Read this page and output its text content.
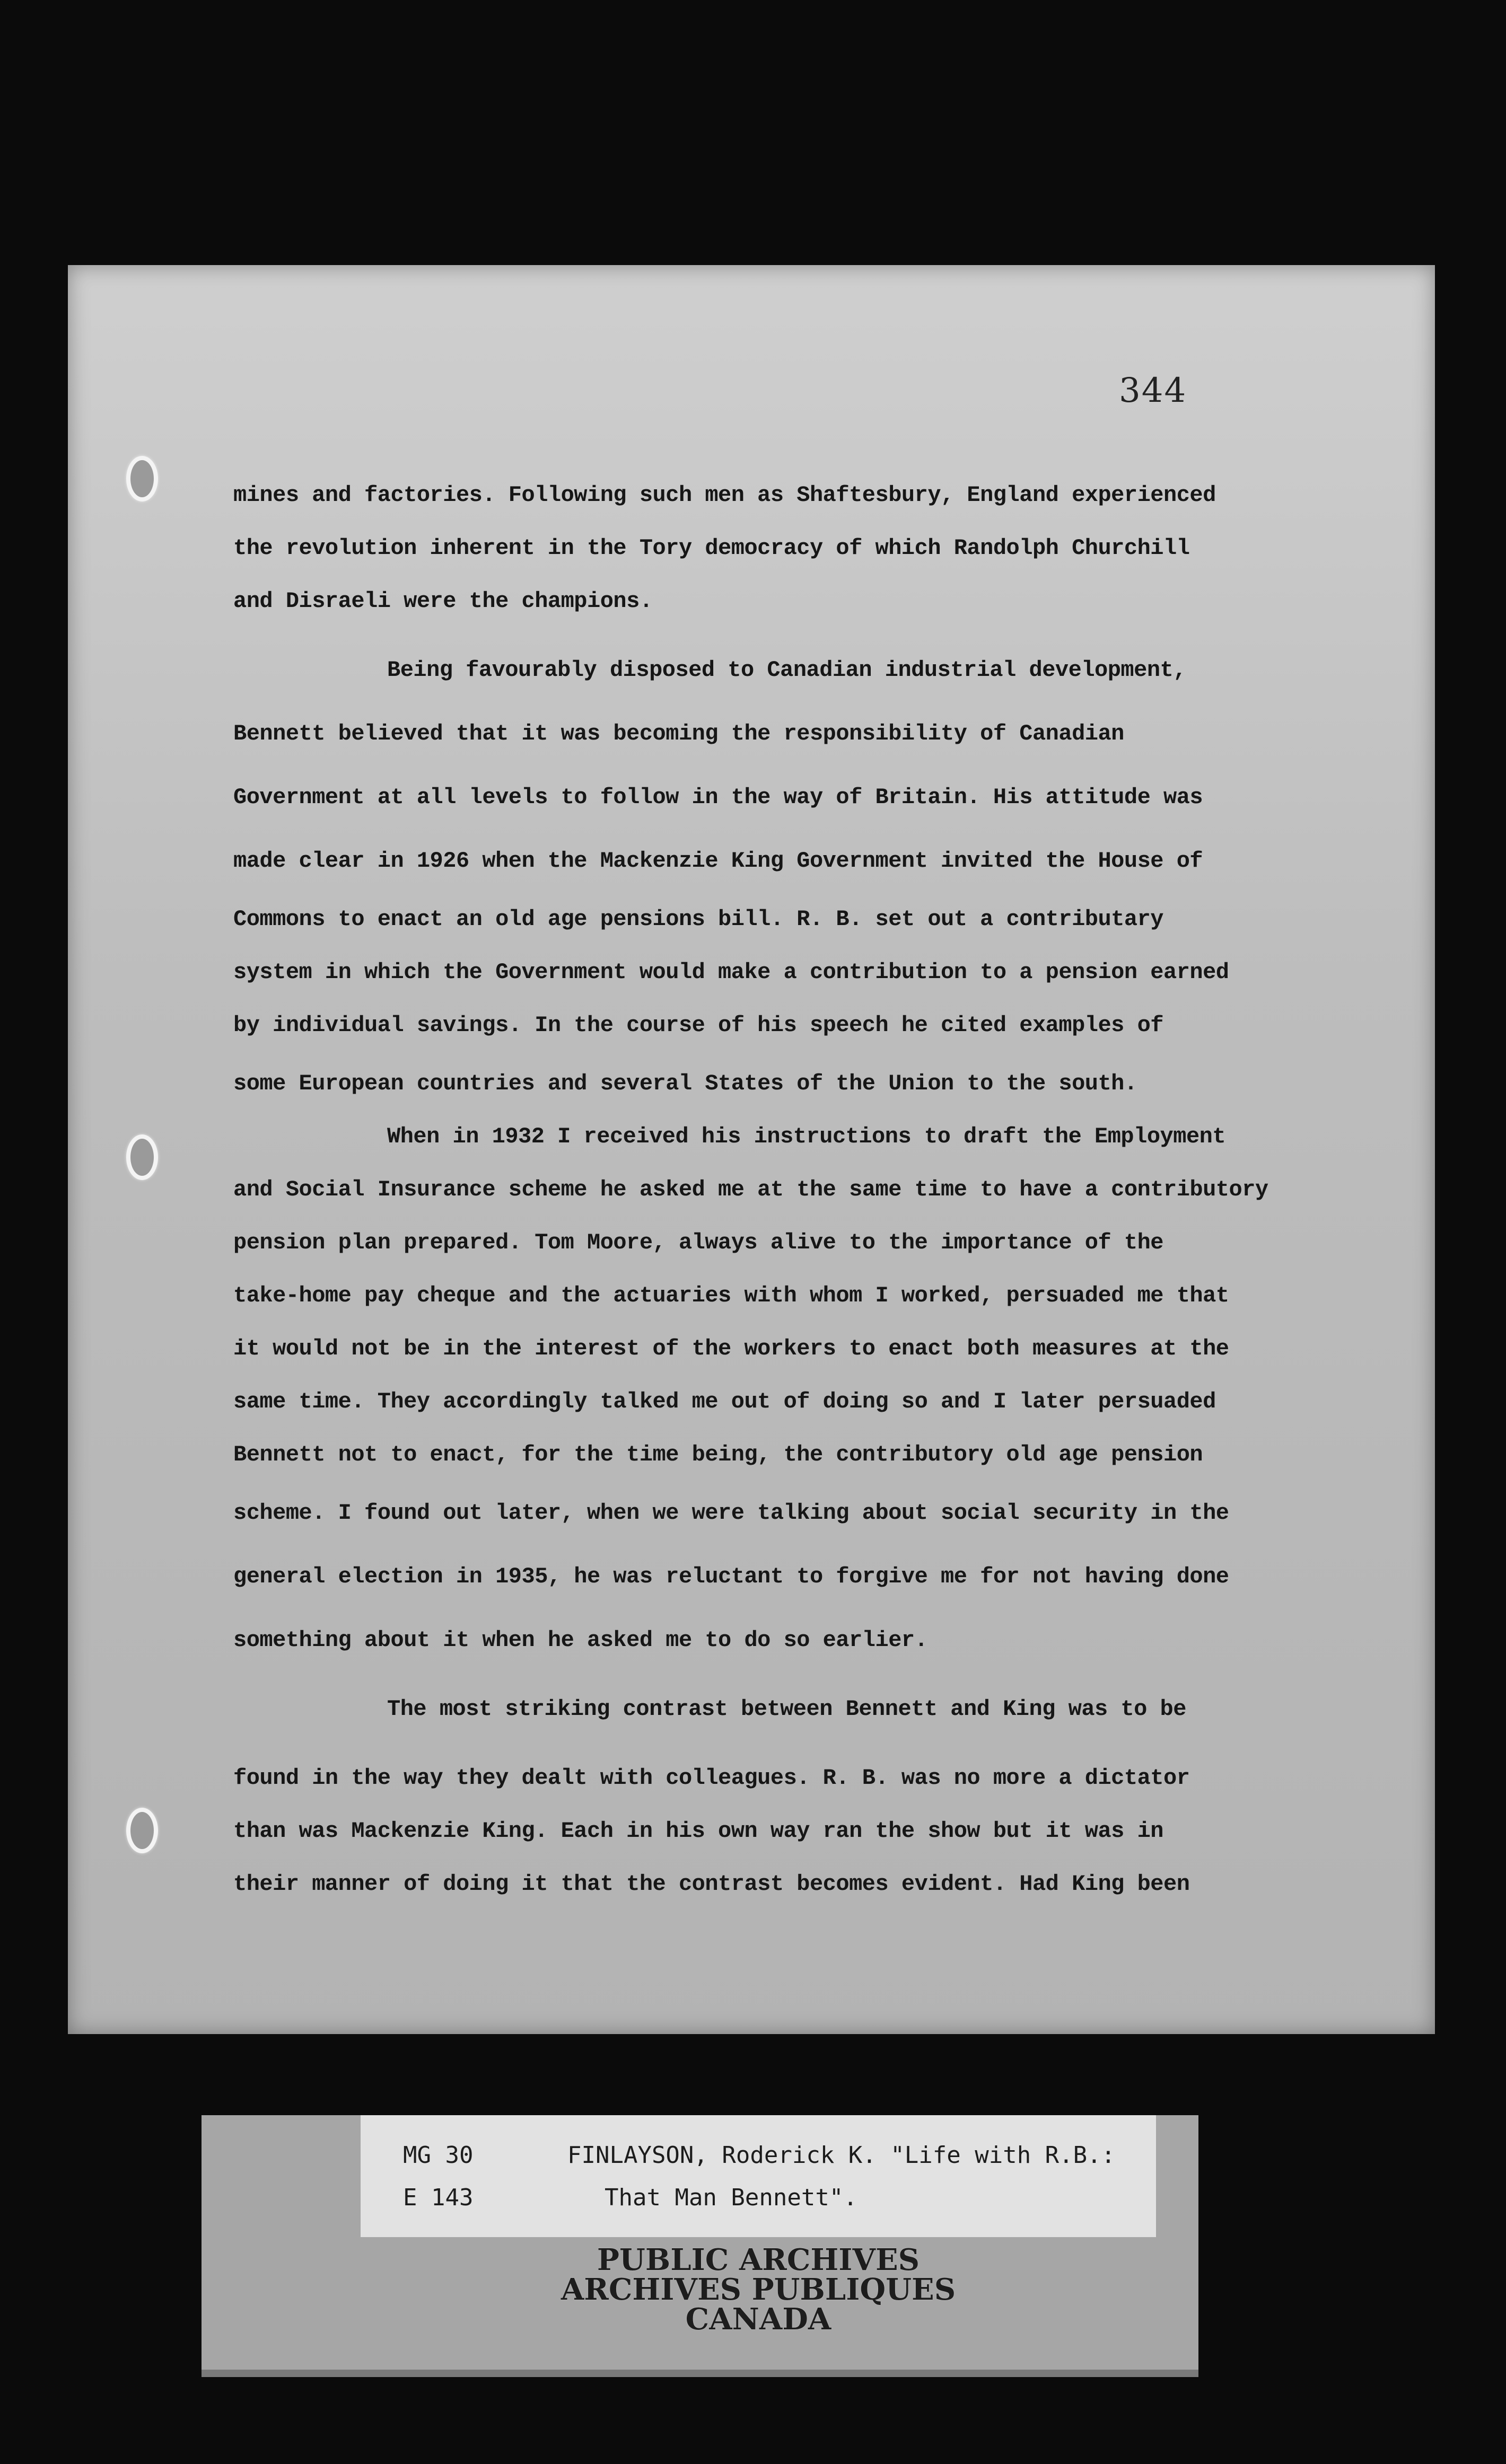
344
mines and factories. Following such men as Shaftesbury, England experienced
the revolution inherent in the Tory democracy of which Randolph Churchill
and Disraeli were the champions.
Being favourably disposed to Canadian industrial development,
Bennett believed that it was becoming the responsibility of Canadian
Government at all levels to follow in the way of Britain. His attitude was
made clear in 1926 when the Mackenzie King Government invited the House of
Commons to enact an old age pensions bill. R. B. set out a contributary
system in which the Government would make a contribution to a pension earned
by individual savings. In the course of his speech he cited examples of
some European countries and several States of the Union to the south.
When in 1932 I received his instructions to draft the Employment
and Social Insurance scheme he asked me at the same time to have a contributory
pension plan prepared. Tom Moore, always alive to the importance of the
take-home pay cheque and the actuaries with whom I worked, persuaded me that
it would not be in the interest of the workers to enact both measures at the
same time. They accordingly talked me out of doing so and I later persuaded
Bennett not to enact, for the time being, the contributory old age pension
scheme. I found out later, when we were talking about social security in the
general election in 1935, he was reluctant to forgive me for not having done
something about it when he asked me to do so earlier.
The most striking contrast between Bennett and King was to be
found in the way they dealt with colleagues. R. B. was no more a dictator
than was Mackenzie King. Each in his own way ran the show but it was in
their manner of doing it that the contrast becomes evident. Had King been
MG 30
E 143
FINLAYSON, Roderick K. "Life with R.B.:
That Man Bennett".
PUBLIC ARCHIVES
ARCHIVES PUBLIQUES
CANADA
